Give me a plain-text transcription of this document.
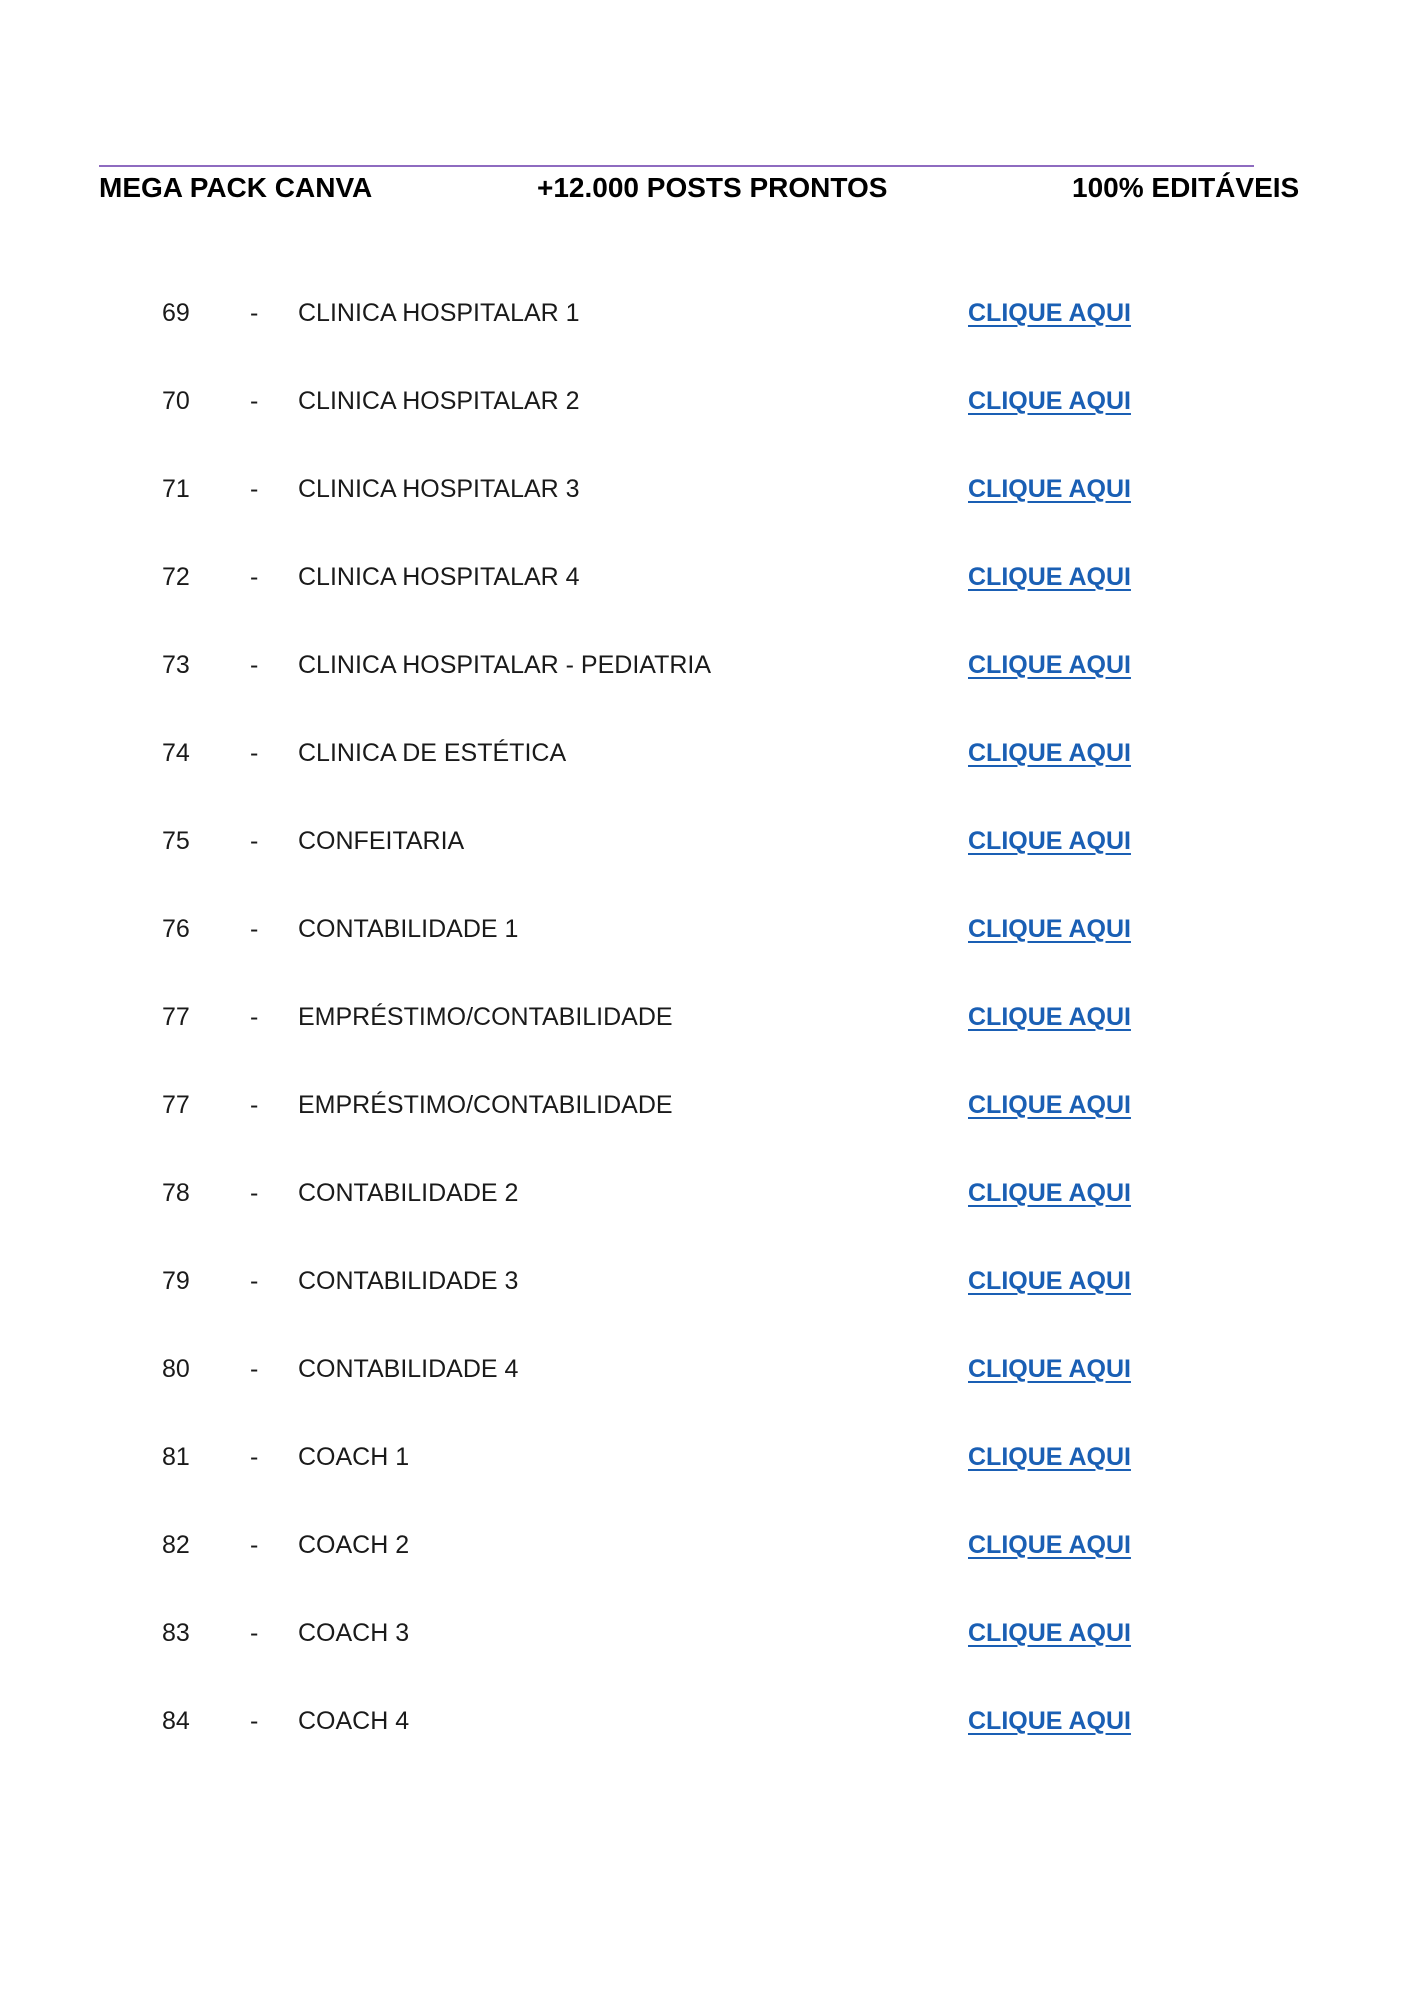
MEGA PACK CANVA	+12.000 POSTS PRONTOS	100% EDITÁVEIS
69 - CLINICA HOSPITALAR 1	CLIQUE AQUI
70 - CLINICA HOSPITALAR 2	CLIQUE AQUI
71 - CLINICA HOSPITALAR 3	CLIQUE AQUI
72 - CLINICA HOSPITALAR 4	CLIQUE AQUI
73 - CLINICA HOSPITALAR - PEDIATRIA	CLIQUE AQUI
74 - CLINICA DE ESTÉTICA	CLIQUE AQUI
75 - CONFEITARIA	CLIQUE AQUI
76 - CONTABILIDADE 1	CLIQUE AQUI
77 - EMPRÉSTIMO/CONTABILIDADE	CLIQUE AQUI
77 - EMPRÉSTIMO/CONTABILIDADE	CLIQUE AQUI
78 - CONTABILIDADE 2	CLIQUE AQUI
79 - CONTABILIDADE 3	CLIQUE AQUI
80 - CONTABILIDADE 4	CLIQUE AQUI
81 - COACH 1	CLIQUE AQUI
82 - COACH 2	CLIQUE AQUI
83 - COACH 3	CLIQUE AQUI
84 - COACH 4	CLIQUE AQUI
